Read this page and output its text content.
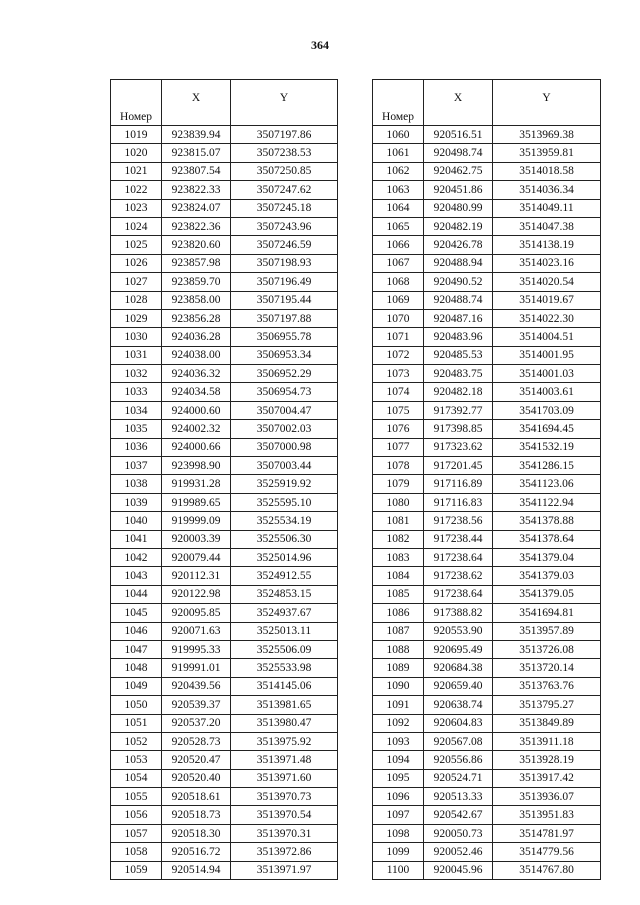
364
Номер	X	Y
1019	923839.94	3507197.86
1020	923815.07	3507238.53
1021	923807.54	3507250.85
1022	923822.33	3507247.62
1023	923824.07	3507245.18
1024	923822.36	3507243.96
1025	923820.60	3507246.59
1026	923857.98	3507198.93
1027	923859.70	3507196.49
1028	923858.00	3507195.44
1029	923856.28	3507197.88
1030	924036.28	3506955.78
1031	924038.00	3506953.34
1032	924036.32	3506952.29
1033	924034.58	3506954.73
1034	924000.60	3507004.47
1035	924002.32	3507002.03
1036	924000.66	3507000.98
1037	923998.90	3507003.44
1038	919931.28	3525919.92
1039	919989.65	3525595.10
1040	919999.09	3525534.19
1041	920003.39	3525506.30
1042	920079.44	3525014.96
1043	920112.31	3524912.55
1044	920122.98	3524853.15
1045	920095.85	3524937.67
1046	920071.63	3525013.11
1047	919995.33	3525506.09
1048	919991.01	3525533.98
1049	920439.56	3514145.06
1050	920539.37	3513981.65
1051	920537.20	3513980.47
1052	920528.73	3513975.92
1053	920520.47	3513971.48
1054	920520.40	3513971.60
1055	920518.61	3513970.73
1056	920518.73	3513970.54
1057	920518.30	3513970.31
1058	920516.72	3513972.86
1059	920514.94	3513971.97
Номер	X	Y
1060	920516.51	3513969.38
1061	920498.74	3513959.81
1062	920462.75	3514018.58
1063	920451.86	3514036.34
1064	920480.99	3514049.11
1065	920482.19	3514047.38
1066	920426.78	3514138.19
1067	920488.94	3514023.16
1068	920490.52	3514020.54
1069	920488.74	3514019.67
1070	920487.16	3514022.30
1071	920483.96	3514004.51
1072	920485.53	3514001.95
1073	920483.75	3514001.03
1074	920482.18	3514003.61
1075	917392.77	3541703.09
1076	917398.85	3541694.45
1077	917323.62	3541532.19
1078	917201.45	3541286.15
1079	917116.89	3541123.06
1080	917116.83	3541122.94
1081	917238.56	3541378.88
1082	917238.44	3541378.64
1083	917238.64	3541379.04
1084	917238.62	3541379.03
1085	917238.64	3541379.05
1086	917388.82	3541694.81
1087	920553.90	3513957.89
1088	920695.49	3513726.08
1089	920684.38	3513720.14
1090	920659.40	3513763.76
1091	920638.74	3513795.27
1092	920604.83	3513849.89
1093	920567.08	3513911.18
1094	920556.86	3513928.19
1095	920524.71	3513917.42
1096	920513.33	3513936.07
1097	920542.67	3513951.83
1098	920050.73	3514781.97
1099	920052.46	3514779.56
1100	920045.96	3514767.80
